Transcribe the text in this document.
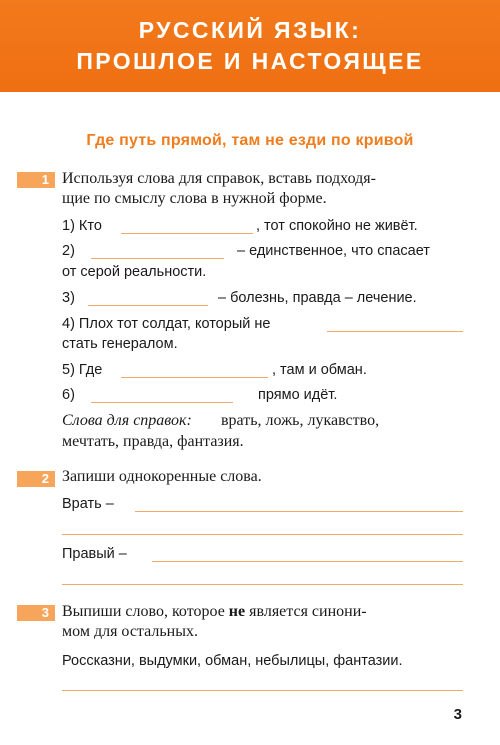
РУССКИЙ ЯЗЫК:
ПРОШЛОЕ И НАСТОЯЩЕЕ
Где путь прямой, там не езди по кривой
1 Используя слова для справок, вставь подходя-
щие по смыслу слова в нужной форме.
1) Кто	, тот спокойно не живёт.
2)	– единственное, что спасает
от серой реальности.
3)	– болезнь, правда – лечение.
4) Плох тот солдат, который не
стать генералом.
5) Где	, там и обман.
6)	прямо идёт.
Слова для справок: врать, ложь, лукавство,
мечтать, правда, фантазия.
2 Запиши однокоренные слова.
Врать –
Правый –
3 Выпиши слово, которое не является синони-
мом для остальных.
Россказни, выдумки, обман, небылицы, фантазии.
3
